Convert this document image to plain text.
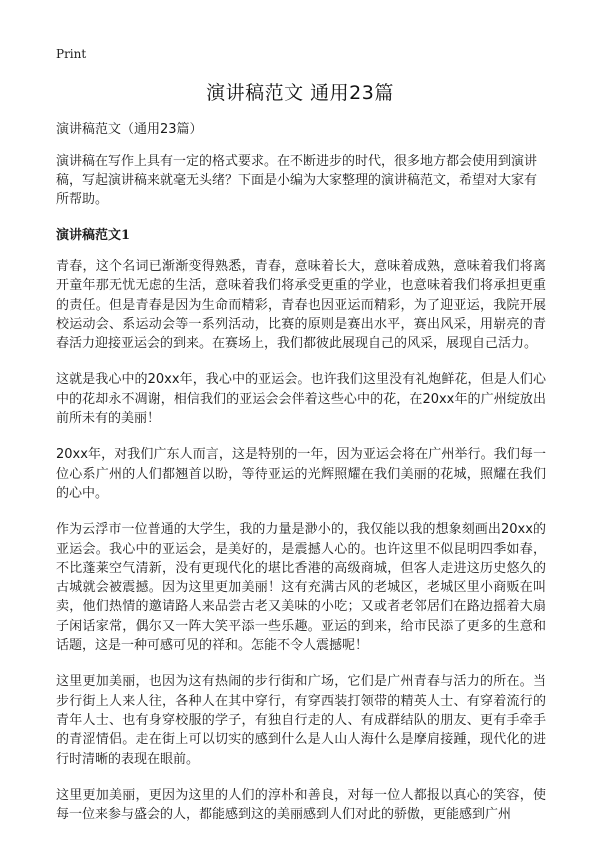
Print
演讲稿范文 通用23篇

演讲稿范文（通用23篇）

演讲稿在写作上具有一定的格式要求。在不断进步的时代，很多地方都会使用到演讲稿，写起演讲稿来就毫无头绪？下面是小编为大家整理的演讲稿范文，希望对大家有所帮助。

演讲稿范文1

青春，这个名词已渐渐变得熟悉，青春，意味着长大，意味着成熟，意味着我们将离开童年那无忧无虑的生活，意味着我们将承受更重的学业，也意味着我们将承担更重的责任。但是青春是因为生命而精彩，青春也因亚运而精彩，为了迎亚运，我院开展校运动会、系运动会等一系列活动，比赛的原则是赛出水平，赛出风采，用崭亮的青春活力迎接亚运会的到来。在赛场上，我们都彼此展现自己的风采，展现自己活力。

这就是我心中的20xx年，我心中的亚运会。也许我们这里没有礼炮鲜花，但是人们心中的花却永不凋谢，相信我们的亚运会会伴着这些心中的花，在20xx年的广州绽放出前所未有的美丽！

20xx年，对我们广东人而言，这是特别的一年，因为亚运会将在广州举行。我们每一位心系广州的人们都翘首以盼，等待亚运的光辉照耀在我们美丽的花城，照耀在我们的心中。

作为云浮市一位普通的大学生，我的力量是渺小的，我仅能以我的想象刻画出20xx的亚运会。我心中的亚运会，是美好的，是震撼人心的。也许这里不似昆明四季如春，不比蓬莱空气清新，没有更现代化的堪比香港的高级商城，但客人走进这历史悠久的古城就会被震撼。因为这里更加美丽！这有充满古风的老城区，老城区里小商贩在叫卖，他们热情的邀请路人来品尝古老又美味的小吃；又或者老邻居们在路边摇着大扇子闲话家常，偶尔又一阵大笑平添一些乐趣。亚运的到来，给市民添了更多的生意和话题，这是一种可感可见的祥和。怎能不令人震撼呢！

这里更加美丽，也因为这有热闹的步行街和广场，它们是广州青春与活力的所在。当步行街上人来人往，各种人在其中穿行，有穿西装打领带的精英人士、有穿着流行的青年人士、也有身穿校服的学子，有独自行走的人、有成群结队的朋友、更有手牵手的青涩情侣。走在街上可以切实的感到什么是人山人海什么是摩肩接踵，现代化的进行时清晰的表现在眼前。

这里更加美丽，更因为这里的人们的淳朴和善良，对每一位人都报以真心的笑容，使每一位来参与盛会的人，都能感到这的美丽感到人们对此的骄傲，更能感到广州
